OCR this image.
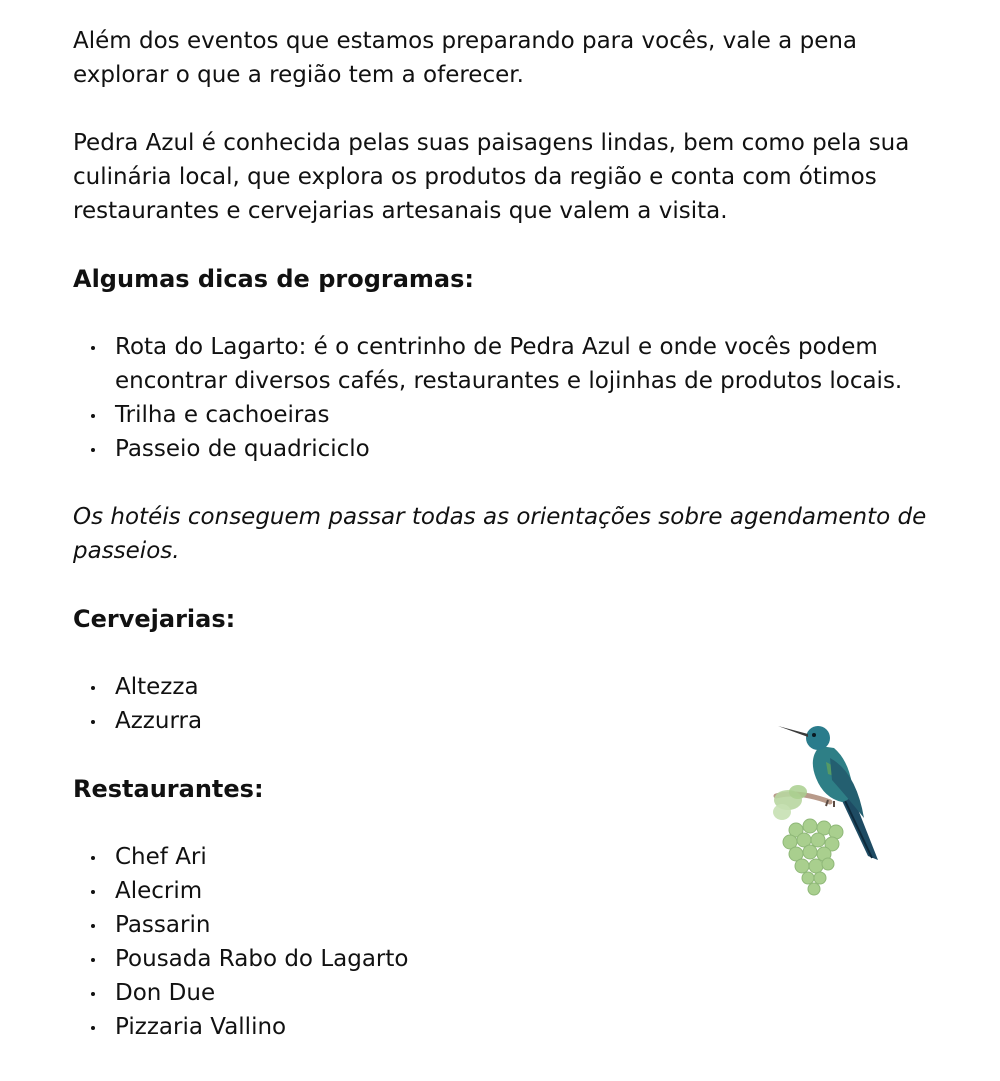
Além dos eventos que estamos preparando para vocês, vale a pena explorar o que a região tem a oferecer.

Pedra Azul é conhecida pelas suas paisagens lindas, bem como pela sua culinária local, que explora os produtos da região e conta com ótimos restaurantes e cervejarias artesanais que valem a visita.

Algumas dicas de programas:
Rota do Lagarto: é o centrinho de Pedra Azul e onde vocês podem encontrar diversos cafés, restaurantes e lojinhas de produtos locais.
Trilha e cachoeiras
Passeio de quadriciclo

Os hotéis conseguem passar todas as orientações sobre agendamento de passeios.

Cervejarias:
Altezza
Azzurra
Restaurantes:
Chef Ari
Alecrim
Passarin
Pousada Rabo do Lagarto
Don Due
Pizzaria Vallino
